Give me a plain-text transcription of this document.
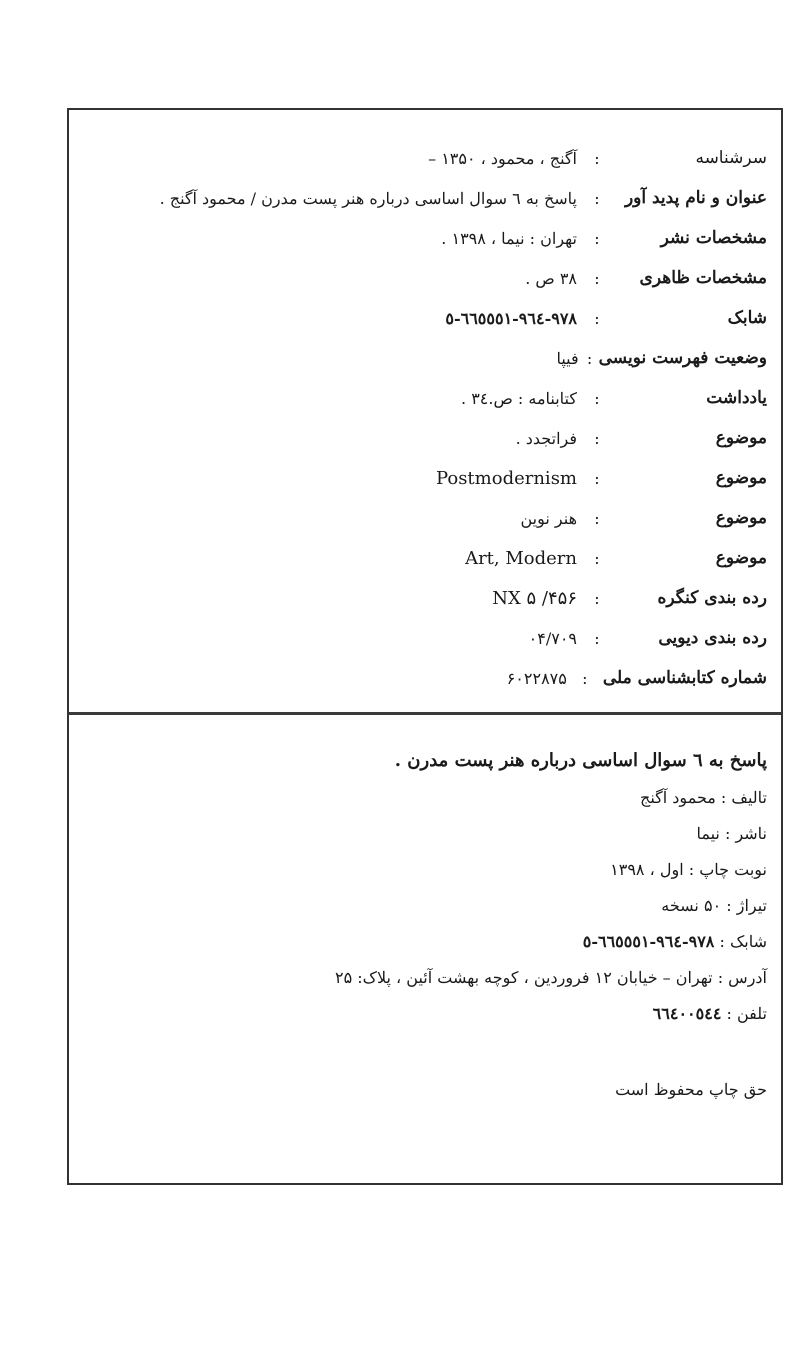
سرشناسه
:
آگنج ، محمود ، ۱۳۵۰ –
عنوان و نام پدید آور
:
پاسخ به ٦ سوال اساسی درباره هنر پست مدرن / محمود آگنج .
مشخصات نشر
:
تهران : نیما ، ۱۳۹۸ .
مشخصات ظاهری
:
۳۸ ص .
شابک
:
٩٧٨-٩٦٤-٦٦٥٥٥١-٥
وضعیت فهرست نویسی
:
فیپا
یادداشت
:
کتابنامه : ص.۳٤ .
موضوع
:
فراتجدد .
موضوع
:
Postmodernism
موضوع
:
هنر نوین
موضوع
:
Art, Modern
رده بندی کنگره
:
NX ۵ /۴۵۶
رده بندی دیویی
:
۰۴/۷۰۹
شماره کتابشناسی ملی
:
۶۰۲۲۸۷۵
پاسخ به ٦ سوال اساسی درباره هنر پست مدرن .
تالیف : محمود آگنج
ناشر : نیما
نوبت چاپ : اول ، ۱۳۹۸
تیراژ : ۵۰ نسخه
شابک : ٩٧٨-٩٦٤-٦٦٥٥٥١-٥
آدرس : تهران – خیابان ۱۲ فروردین ، کوچه بهشت آئین ، پلاک: ۲۵
تلفن : ٦٦٤٠٠٥٤٤
حق چاپ محفوظ است
